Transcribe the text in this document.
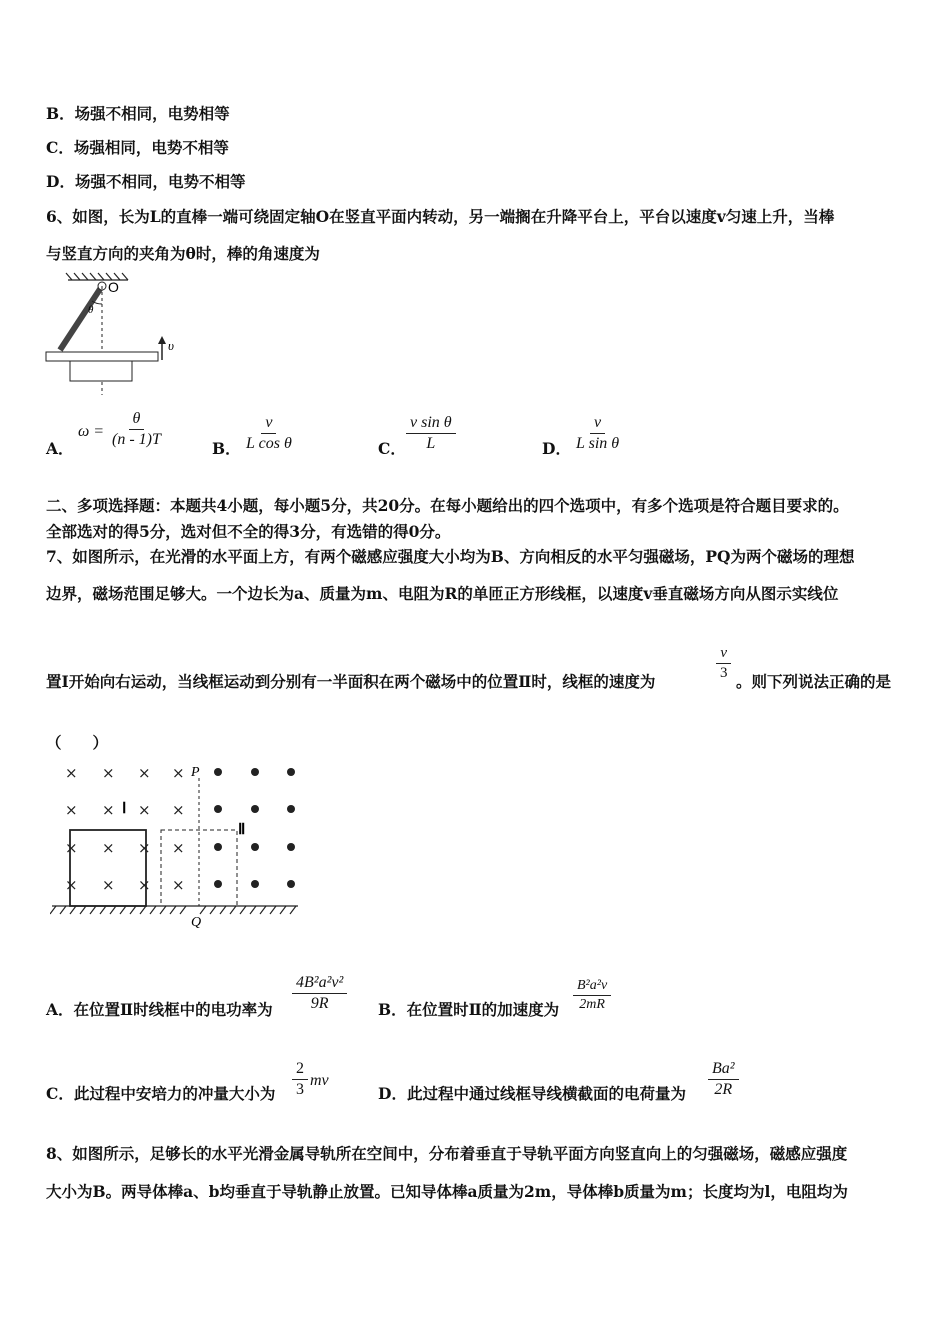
B．场强不相同，电势相等
C．场强相同，电势不相等
D．场强不相同，电势不相等
6、如图，长为L的直棒一端可绕固定轴O在竖直平面内转动，另一端搁在升降平台上，平台以速度v匀速上升，当棒
与竖直方向的夹角为θ时，棒的角速度为
O
θ
υ
A．
$\omega = \frac{\theta}{(n - 1)T}$	B． $\frac{v}{\text{L cos θ}}$	C． $\frac{\text{v sin θ}}{L}$	D． $\frac{v}{\text{L sin θ}}$
二、多项选择题：本题共4小题，每小题5分，共20分。在每小题给出的四个选项中，有多个选项是符合题目要求的。
全部选对的得5分，选对但不全的得3分，有选错的得0分。
7、如图所示，在光滑的水平面上方，有两个磁感应强度大小均为B、方向相反的水平匀强磁场，PQ为两个磁场的理想
边界，磁场范围足够大。一个边长为a、质量为m、电阻为R的单匝正方形线框，以速度v垂直磁场方向从图示实线位
置Ⅰ开始向右运动，当线框运动到分别有一半面积在两个磁场中的位置Ⅱ时，线框的速度为	$\frac{v}{3}$ 。则下列说法正确的是
（　　）
× × × ×
× × × ×
× × × ×
× × × ×
P
Q
Ⅰ
Ⅱ
A．在位置Ⅱ时线框中的电功率为 $\frac{\text{4B²a²v²}}{9R}$ B．在位置时Ⅱ的加速度为 $\frac{\text{B²a²v}}{2mR}$
C．此过程中安培力的冲量大小为 $\frac{2}{3}$ mv
D．此过程中通过线框导线横截面的电荷量为 $\frac{\text{Ba²}}{2R}$
8、如图所示，足够长的水平光滑金属导轨所在空间中，分布着垂直于导轨平面方向竖直向上的匀强磁场，磁感应强度
大小为B。两导体棒a、b均垂直于导轨静止放置。已知导体棒a质量为2m，导体棒b质量为m；长度均为l，电阻均为
